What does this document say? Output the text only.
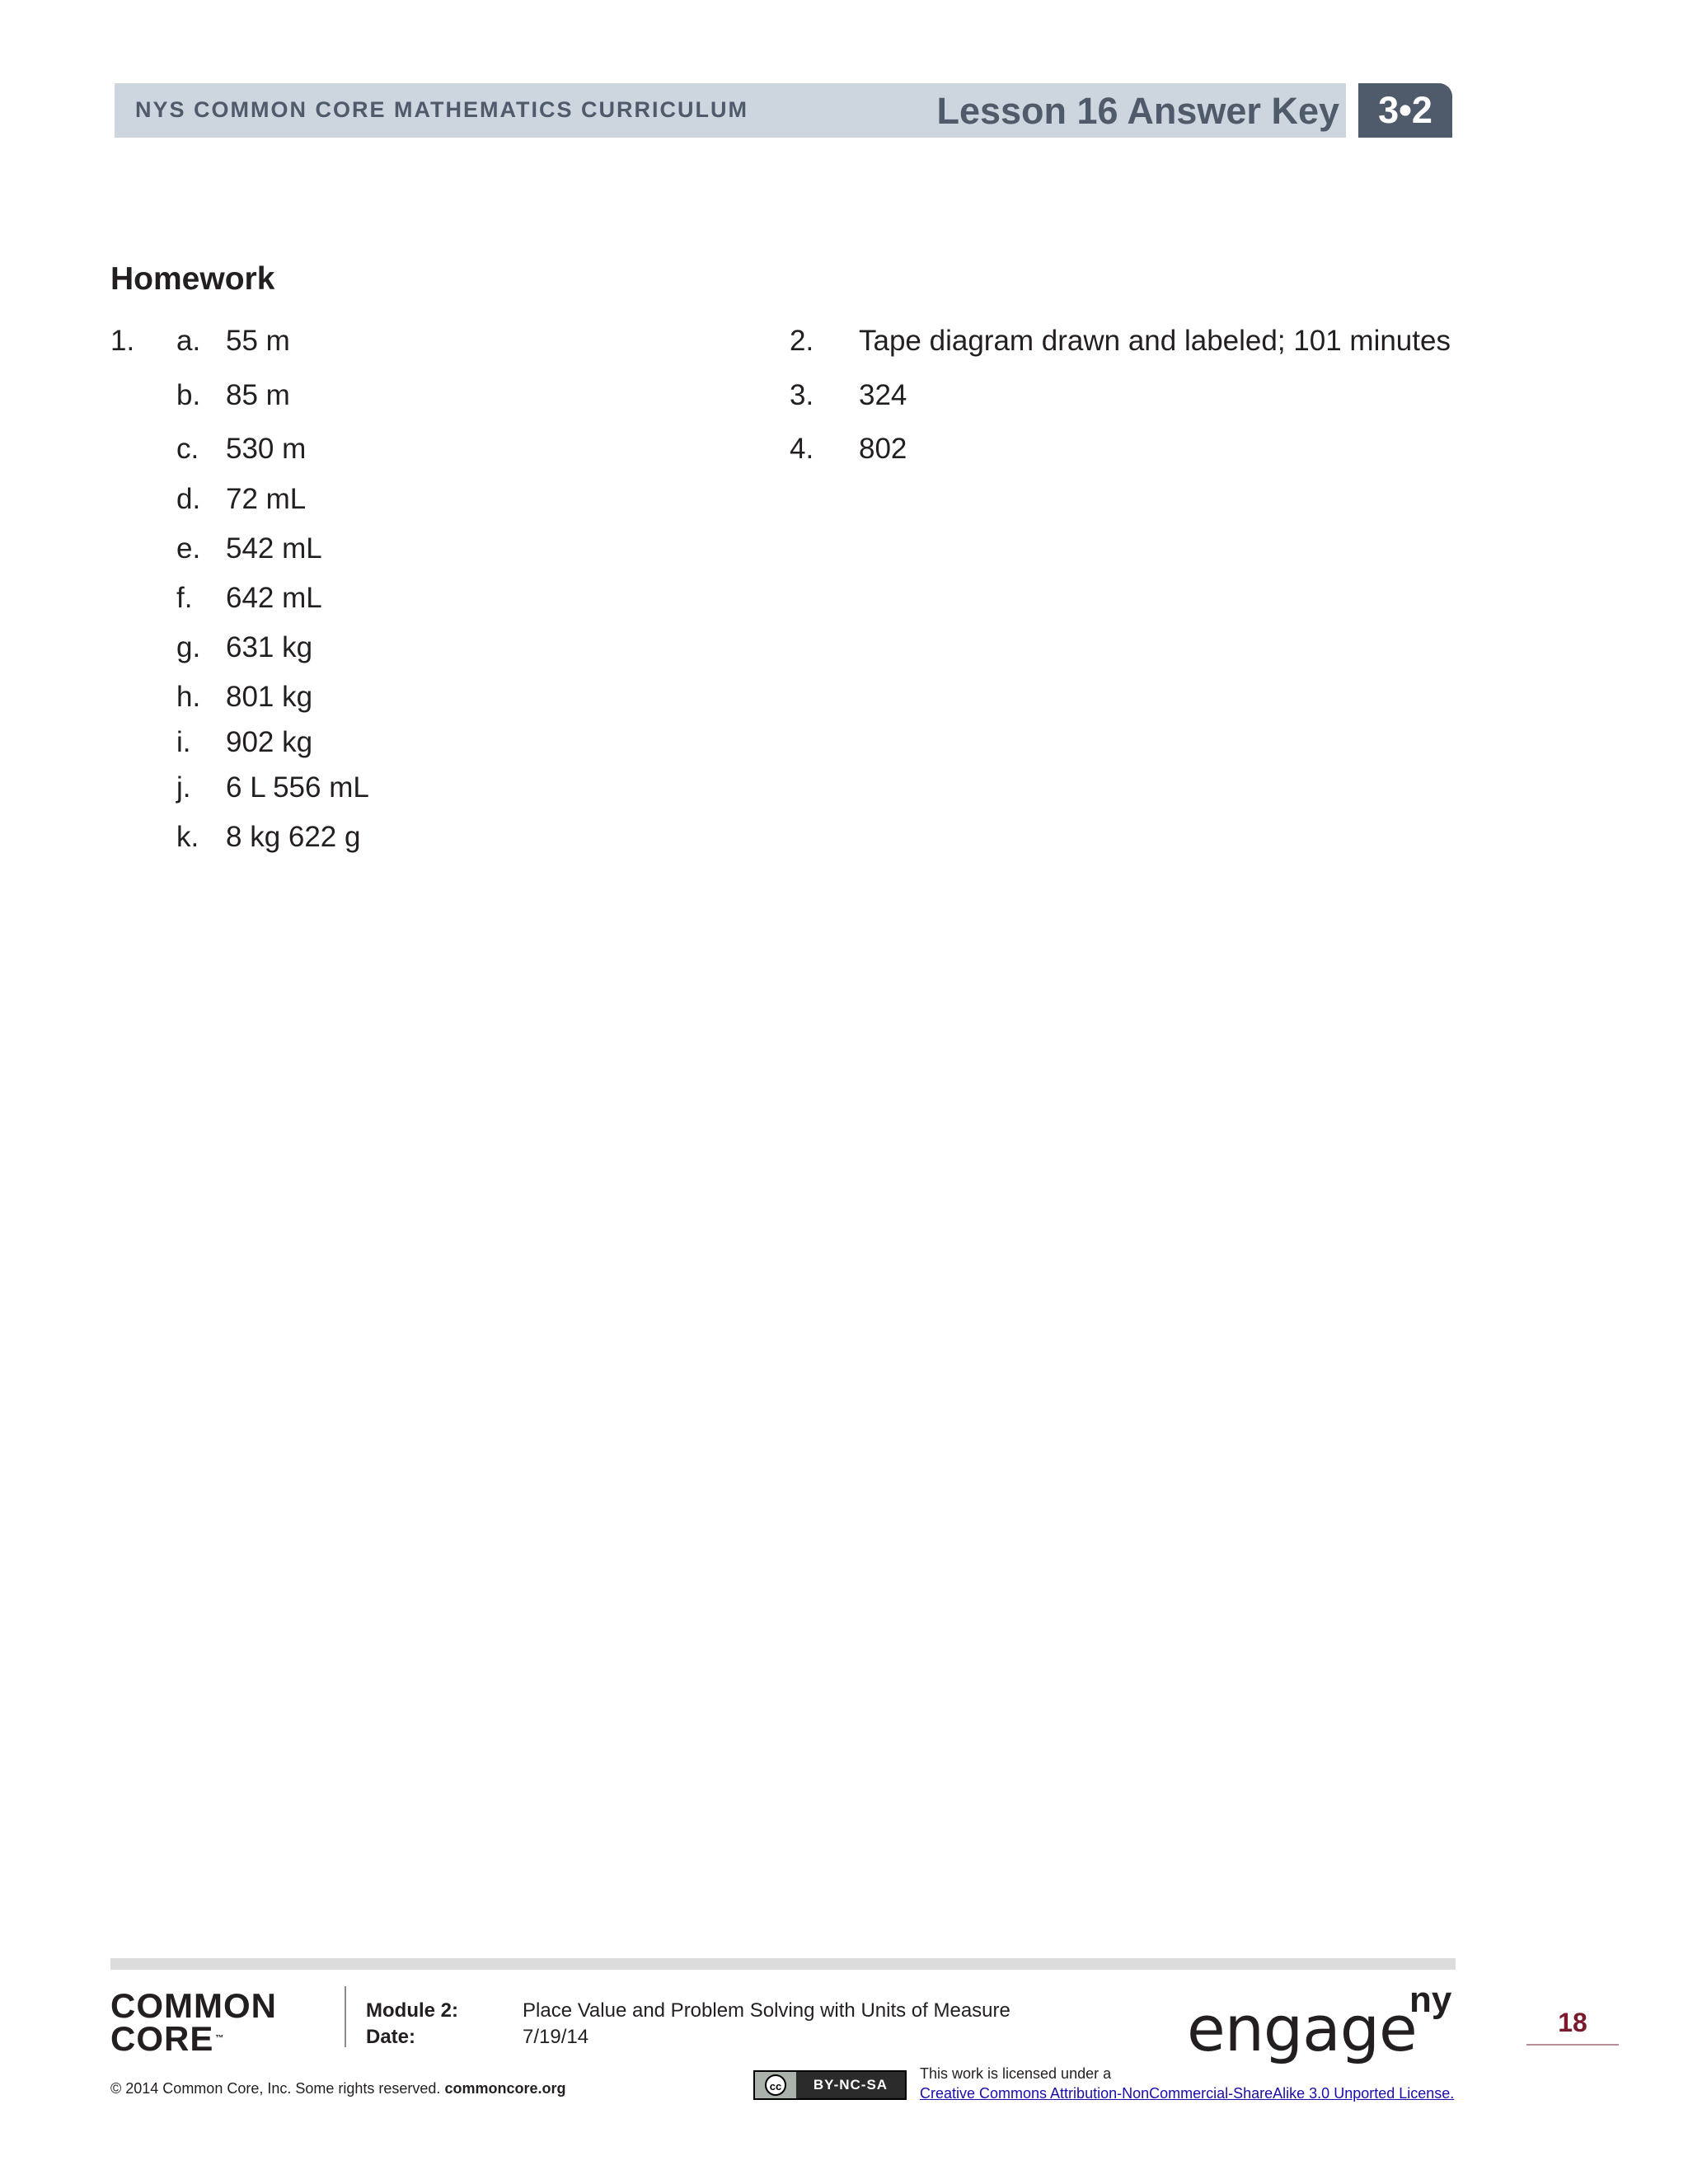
NYS COMMON CORE MATHEMATICS CURRICULUM	Lesson 16 Answer Key	3•2
Homework
1. a. 55 m
b. 85 m
c. 530 m
d. 72 mL
e. 542 mL
f. 642 mL
g. 631 kg
h. 801 kg
i. 902 kg
j. 6 L 556 mL
k. 8 kg 622 g
2. Tape diagram drawn and labeled; 101 minutes
3. 324
4. 802
COMMON
CORE ™
Module 2:	Place Value and Problem Solving with Units of Measure
Date:	7/19/14	engage
ny
18
© 2014 Common Core, Inc. Some rights reserved. commoncore.org	cc	BY-NC-SA
This work is licensed under a
Creative Commons Attribution-NonCommercial-ShareAlike 3.0 Unported License.
